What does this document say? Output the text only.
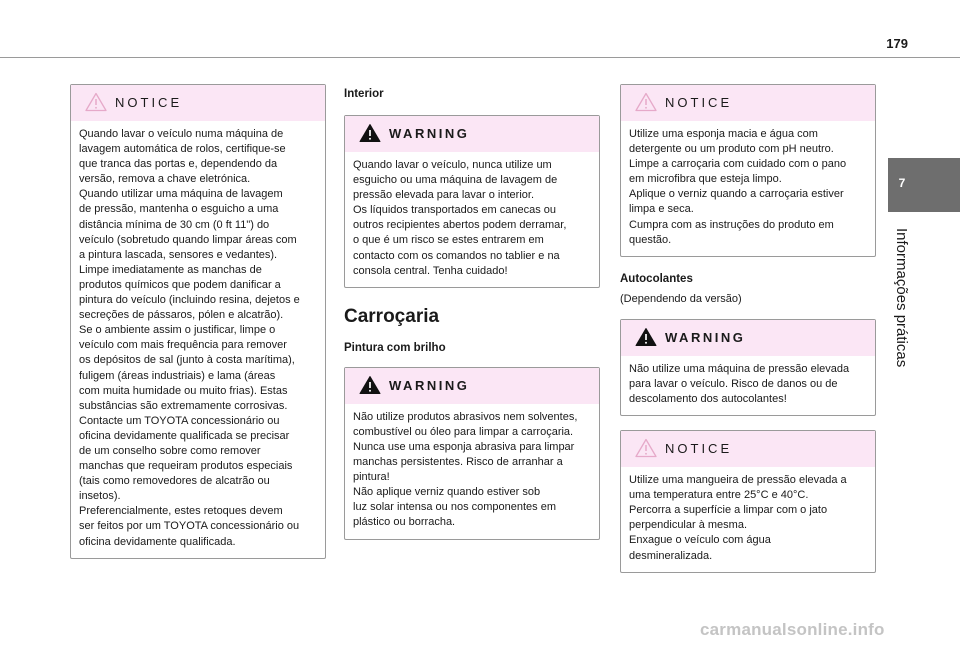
179
7
Informações práticas
NOTICE

Quando lavar o veículo numa máquina de

lavagem automática de rolos, certifique-se

que tranca das portas e, dependendo da

versão, remova a chave eletrónica.

Quando utilizar uma máquina de lavagem

de pressão, mantenha o esguicho a uma

distância mínima de 30 cm (0 ft 11") do

veículo (sobretudo quando limpar áreas com

a pintura lascada, sensores e vedantes).

Limpe imediatamente as manchas de

produtos químicos que podem danificar a

pintura do veículo (incluindo resina, dejetos e

secreções de pássaros, pólen e alcatrão).

Se o ambiente assim o justificar, limpe o

veículo com mais frequência para remover

os depósitos de sal (junto à costa marítima),

fuligem (áreas industriais) e lama (áreas

com muita humidade ou muito frias). Estas

substâncias são extremamente corrosivas.

Contacte um TOYOTA concessionário ou

oficina devidamente qualificada se precisar

de um conselho sobre como remover

manchas que requeiram produtos especiais

(tais como removedores de alcatrão ou

insetos).

Preferencialmente, estes retoques devem

ser feitos por um TOYOTA concessionário ou

oficina devidamente qualificada.

Interior

WARNING

Quando lavar o veículo, nunca utilize um

esguicho ou uma máquina de lavagem de

pressão elevada para lavar o interior.

Os líquidos transportados em canecas ou

outros recipientes abertos podem derramar,

o que é um risco se estes entrarem em

contacto com os comandos no tablier e na

consola central. Tenha cuidado!

Carroçaria

Pintura com brilho

WARNING

Não utilize produtos abrasivos nem solventes,

combustível ou óleo para limpar a carroçaria.

Nunca use uma esponja abrasiva para limpar

manchas persistentes. Risco de arranhar a

pintura!

Não aplique verniz quando estiver sob

luz solar intensa ou nos componentes em

plástico ou borracha.

NOTICE

Utilize uma esponja macia e água com

detergente ou um produto com pH neutro.

Limpe a carroçaria com cuidado com o pano

em microfibra que esteja limpo.

Aplique o verniz quando a carroçaria estiver

limpa e seca.

Cumpra com as instruções do produto em

questão.

Autocolantes

(Dependendo da versão)

WARNING

Não utilize uma máquina de pressão elevada

para lavar o veículo. Risco de danos ou de

descolamento dos autocolantes!

NOTICE

Utilize uma mangueira de pressão elevada a

uma temperatura entre 25°C e 40°C.

Percorra a superfície a limpar com o jato

perpendicular à mesma.

Enxague o veículo com água

desmineralizada.

carmanualsonline.info
